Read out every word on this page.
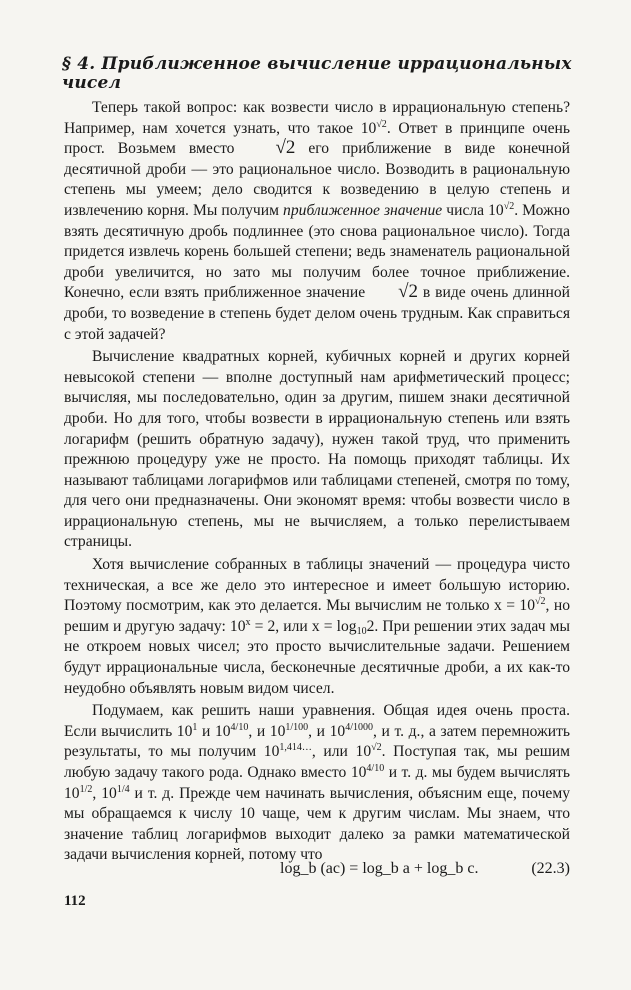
§ 4. Приближенное вычисление иррациональных чисел

Теперь такой вопрос: как возвести число в иррациональную степень? Например, нам хочется узнать, что такое $10^{√2}$. Ответ в принципе очень прост. Возьмем вместо √2 его приближение в виде конечной десятичной дроби — это рациональное число. Возводить в рациональную степень мы умеем; дело сводится к возведению в целую степень и извлечению корня. Мы получим приближенное значение числа $10^{√2}$. Можно взять десятичную дробь подлиннее (это снова рациональное число). Тогда придется извлечь корень большей степени; ведь знаменатель рациональной дроби увеличится, но зато мы получим более точное приближение. Конечно, если взять приближенное значение √2 в виде очень длинной дроби, то возведение в степень будет делом очень трудным. Как справиться с этой задачей?

Вычисление квадратных корней, кубичных корней и других корней невысокой степени — вполне доступный нам арифметический процесс; вычисляя, мы последовательно, один за другим, пишем знаки десятичной дроби. Но для того, чтобы возвести в иррациональную степень или взять логарифм (решить обратную задачу), нужен такой труд, что применить прежнюю процедуру уже не просто. На помощь приходят таблицы. Их называют таблицами логарифмов или таблицами степеней, смотря по тому, для чего они предназначены. Они экономят время: чтобы возвести число в иррациональную степень, мы не вычисляем, а только перелистываем страницы.

Хотя вычисление собранных в таблицы значений — процедура чисто техническая, а все же дело это интересное и имеет большую историю. Поэтому посмотрим, как это делается. Мы вычислим не только $x = 10^{√2}$, но решим и другую задачу: $10^x = 2$, или $x = \log_{10}2$. При решении этих задач мы не откроем новых чисел; это просто вычислительные задачи. Решением будут иррациональные числа, бесконечные десятичные дроби, а их как-то неудобно объявлять новым видом чисел.

Подумаем, как решить наши уравнения. Общая идея очень проста. Если вычислить $10^1$ и $10^{4/10}$, и $10^{1/100}$, и $10^{4/1000}$, и т. д., а затем перемножить результаты, то мы получим $10^{1,414\dots}$, или $10^{√2}$. Поступая так, мы решим любую задачу такого рода. Однако вместо $10^{4/10}$ и т. д. мы будем вычислять $10^{1/2}$, $10^{1/4}$ и т. д. Прежде чем начинать вычисления, объясним еще, почему мы обращаемся к числу 10 чаще, чем к другим числам. Мы знаем, что значение таблиц логарифмов выходит далеко за рамки математической задачи вычисления корней, потому что

log_b (ac) = log_b a + log_b c.	(22.3)
112
